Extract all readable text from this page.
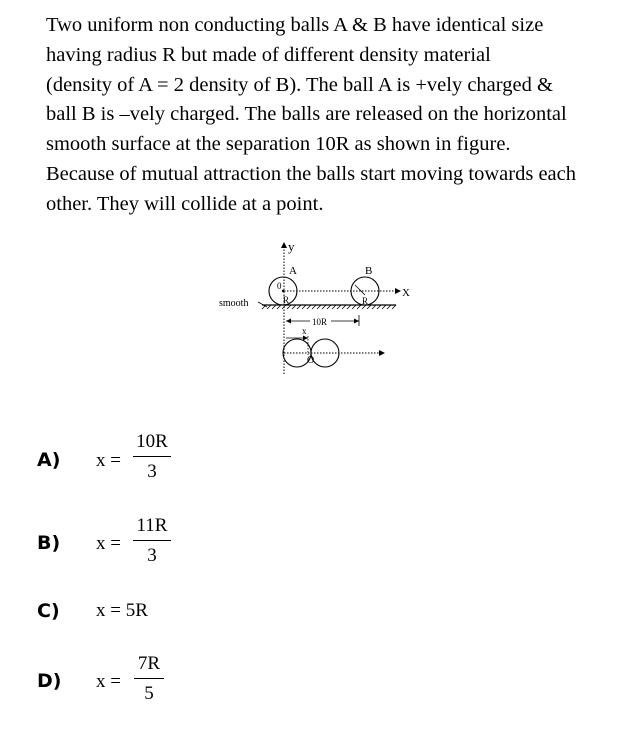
Two uniform non conducting balls A & B have identical size
having radius R but made of different density material
(density of A = 2 density of B). The ball A is +vely charged &
ball B is –vely charged. The balls are released on the horizontal
smooth surface at the separation 10R as shown in figure.
Because of mutual attraction the balls start moving towards each
other. They will collide at a point.
y
A	B
0
R
X
R
smooth
10R
x
O
A) x =
10R
3
B) x =
11R
3
C) x = 5R
D) x =
7R
5
